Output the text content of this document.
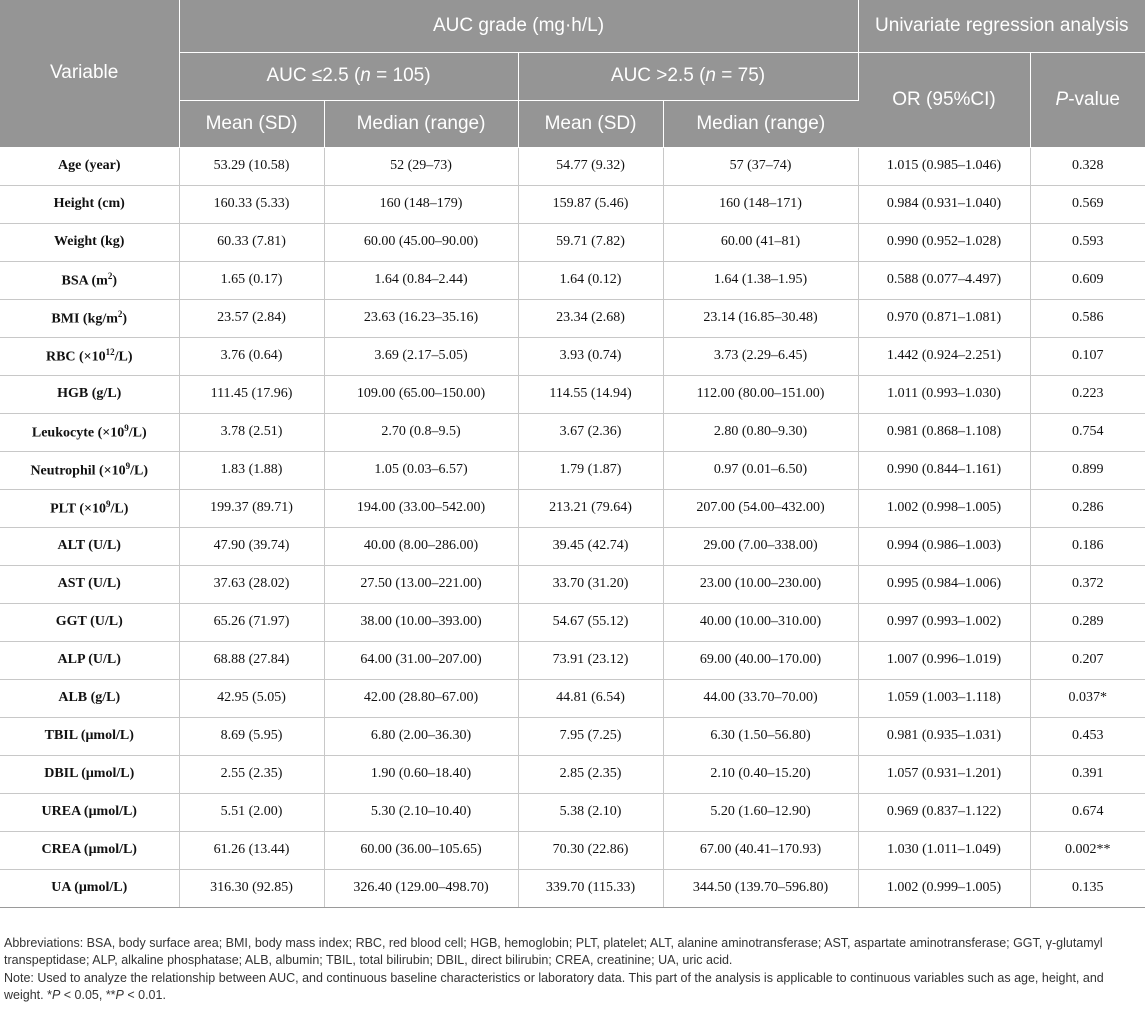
Variable	AUC grade (mg·h/L)				Univariate regression analysis	
	AUC ≤2.5 (n = 105)		AUC >2.5 (n = 75)		OR (95%CI)	P-value
	Mean (SD)	Median (range)	Mean (SD)	Median (range)		
Age (year)	53.29 (10.58)	52 (29–73)	54.77 (9.32)	57 (37–74)	1.015 (0.985–1.046)	0.328
Height (cm)	160.33 (5.33)	160 (148–179)	159.87 (5.46)	160 (148–171)	0.984 (0.931–1.040)	0.569
Weight (kg)	60.33 (7.81)	60.00 (45.00–90.00)	59.71 (7.82)	60.00 (41–81)	0.990 (0.952–1.028)	0.593
BSA $(m^2)$	1.65 (0.17)	1.64 (0.84–2.44)	1.64 (0.12)	1.64 (1.38–1.95)	0.588 (0.077–4.497)	0.609
BMI $(kg/m^2)$	23.57 (2.84)	23.63 (16.23–35.16)	23.34 (2.68)	23.14 (16.85–30.48)	0.970 (0.871–1.081)	0.586
RBC $(\times 10^{12}/L)$	3.76 (0.64)	3.69 (2.17–5.05)	3.93 (0.74)	3.73 (2.29–6.45)	1.442 (0.924–2.251)	0.107
HGB (g/L)	111.45 (17.96)	109.00 (65.00–150.00)	114.55 (14.94)	112.00 (80.00–151.00)	1.011 (0.993–1.030)	0.223
Leukocyte $(\times 10^9/L)$	3.78 (2.51)	2.70 (0.8–9.5)	3.67 (2.36)	2.80 (0.80–9.30)	0.981 (0.868–1.108)	0.754
Neutrophil $(\times 10^9/L)$	1.83 (1.88)	1.05 (0.03–6.57)	1.79 (1.87)	0.97 (0.01–6.50)	0.990 (0.844–1.161)	0.899
PLT $(\times 10^9/L)$	199.37 (89.71)	194.00 (33.00–542.00)	213.21 (79.64)	207.00 (54.00–432.00)	1.002 (0.998–1.005)	0.286
ALT (U/L)	47.90 (39.74)	40.00 (8.00–286.00)	39.45 (42.74)	29.00 (7.00–338.00)	0.994 (0.986–1.003)	0.186
AST (U/L)	37.63 (28.02)	27.50 (13.00–221.00)	33.70 (31.20)	23.00 (10.00–230.00)	0.995 (0.984–1.006)	0.372
GGT (U/L)	65.26 (71.97)	38.00 (10.00–393.00)	54.67 (55.12)	40.00 (10.00–310.00)	0.997 (0.993–1.002)	0.289
ALP (U/L)	68.88 (27.84)	64.00 (31.00–207.00)	73.91 (23.12)	69.00 (40.00–170.00)	1.007 (0.996–1.019)	0.207
ALB (g/L)	42.95 (5.05)	42.00 (28.80–67.00)	44.81 (6.54)	44.00 (33.70–70.00)	1.059 (1.003–1.118)	0.037*
TBIL (μmol/L)	8.69 (5.95)	6.80 (2.00–36.30)	7.95 (7.25)	6.30 (1.50–56.80)	0.981 (0.935–1.031)	0.453
DBIL (μmol/L)	2.55 (2.35)	1.90 (0.60–18.40)	2.85 (2.35)	2.10 (0.40–15.20)	1.057 (0.931–1.201)	0.391
UREA (μmol/L)	5.51 (2.00)	5.30 (2.10–10.40)	5.38 (2.10)	5.20 (1.60–12.90)	0.969 (0.837–1.122)	0.674
CREA (μmol/L)	61.26 (13.44)	60.00 (36.00–105.65)	70.30 (22.86)	67.00 (40.41–170.93)	1.030 (1.011–1.049)	0.002**
UA (μmol/L)	316.30 (92.85)	326.40 (129.00–498.70)	339.70 (115.33)	344.50 (139.70–596.80)	1.002 (0.999–1.005)	0.135

Abbreviations: BSA, body surface area; BMI, body mass index; RBC, red blood cell; HGB, hemoglobin; PLT, platelet; ALT, alanine aminotransferase; AST, aspartate aminotransferase; GGT, γ-glutamyl transpeptidase; ALP, alkaline phosphatase; ALB, albumin; TBIL, total bilirubin; DBIL, direct bilirubin; CREA, creatinine; UA, uric acid.

Note: Used to analyze the relationship between AUC, and continuous baseline characteristics or laboratory data. This part of the analysis is applicable to continuous variables such as age, height, and weight. *P < 0.05, **P < 0.01.
